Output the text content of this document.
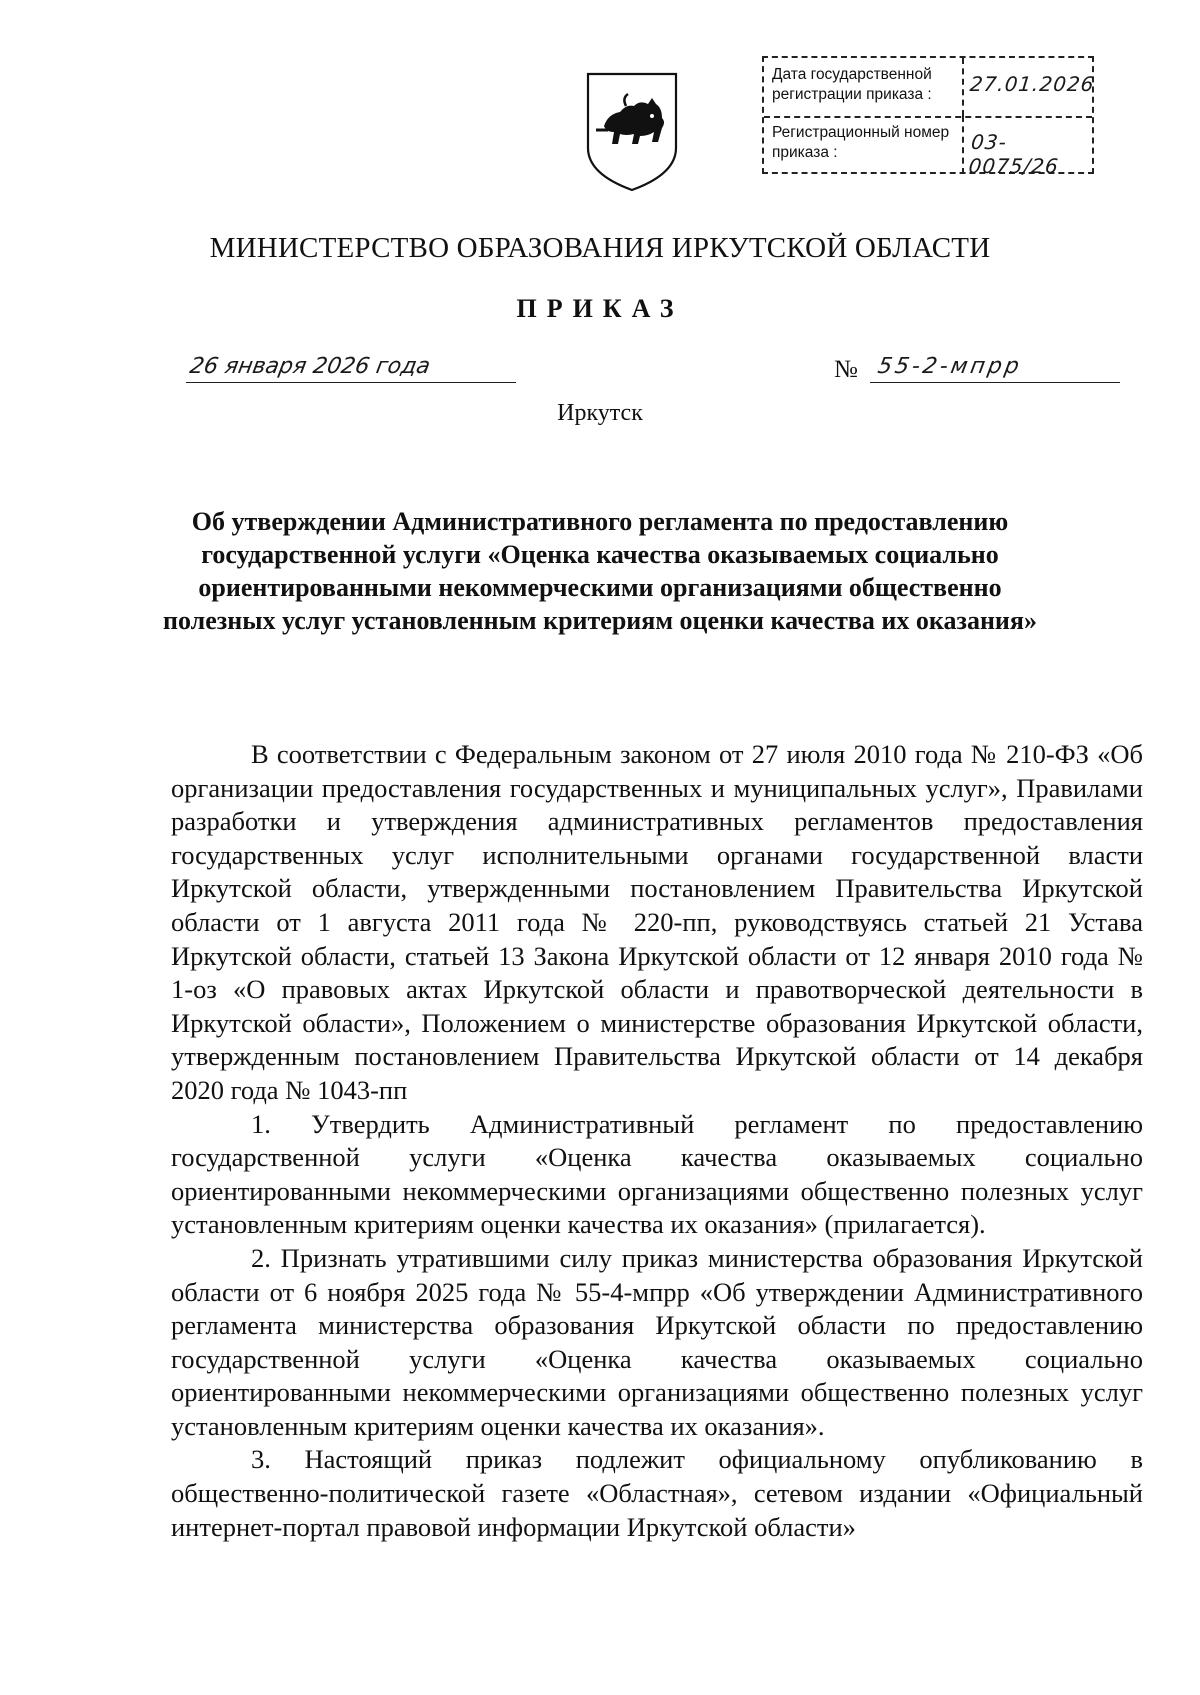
Дата государственной регистрации приказа :	27.01.2026
Регистрационный номер приказа :	03-0075/26
МИНИСТЕРСТВО ОБРАЗОВАНИЯ ИРКУТСКОЙ ОБЛАСТИ
ПРИКАЗ
26 января 2026 года	№ 55-2-мпрр
Иркутск
Об утверждении Административного регламента по предоставлению государственной услуги «Оценка качества оказываемых социально ориентированными некоммерческими организациями общественно полезных услуг установленным критериям оценки качества их оказания»

В соответствии с Федеральным законом от 27 июля 2010 года № 210-ФЗ «Об организации предоставления государственных и муниципальных услуг», Правилами разработки и утверждения административных регламентов предоставления государственных услуг исполнительными органами государственной власти Иркутской области, утвержденными постановлением Правительства Иркутской области от 1 августа 2011 года № 220-пп, руководствуясь статьей 21 Устава Иркутской области, статьей 13 Закона Иркутской области от 12 января 2010 года № 1-оз «О правовых актах Иркутской области и правотворческой деятельности в Иркутской области», Положением о министерстве образования Иркутской области, утвержденным постановлением Правительства Иркутской области от 14 декабря 2020 года № 1043-пп

1. Утвердить Административный регламент по предоставлению государственной услуги «Оценка качества оказываемых социально ориентированными некоммерческими организациями общественно полезных услуг установленным критериям оценки качества их оказания» (прилагается).

2. Признать утратившими силу приказ министерства образования Иркутской области от 6 ноября 2025 года № 55-4-мпрр «Об утверждении Административного регламента министерства образования Иркутской области по предоставлению государственной услуги «Оценка качества оказываемых социально ориентированными некоммерческими организациями общественно полезных услуг установленным критериям оценки качества их оказания».

3. Настоящий приказ подлежит официальному опубликованию в общественно-политической газете «Областная», сетевом издании «Официальный интернет-портал правовой информации Иркутской области»
